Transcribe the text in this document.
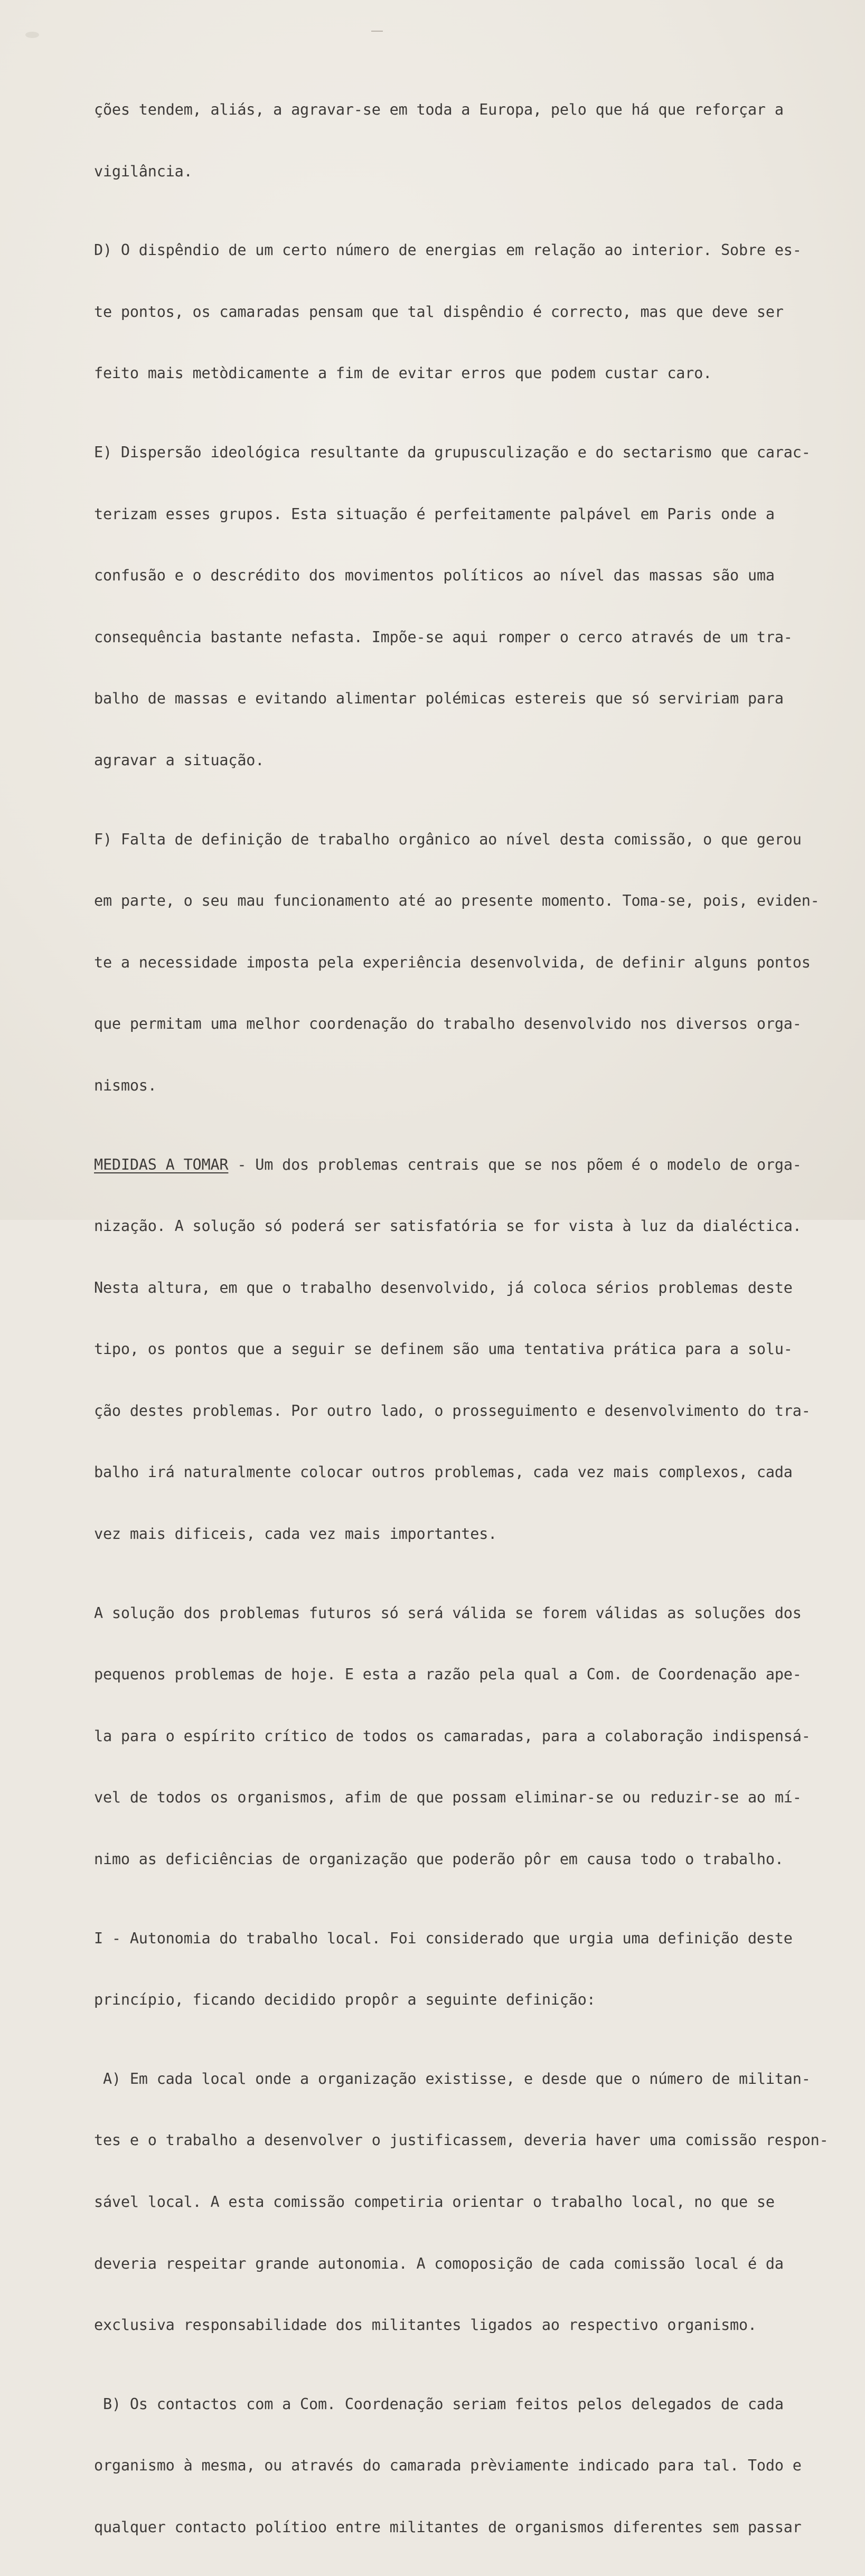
ções tendem, aliás, a agravar-se em toda a Europa, pelo que há que reforçar a

vigilância.

D) O dispêndio de um certo número de energias em relação ao interior. Sobre es-

te pontos, os camaradas pensam que tal dispêndio é correcto, mas que deve ser

feito mais metòdicamente a fim de evitar erros que podem custar caro.

E) Dispersão ideológica resultante da grupusculização e do sectarismo que carac-

terizam esses grupos. Esta situação é perfeitamente palpável em Paris onde a

confusão e o descrédito dos movimentos políticos ao nível das massas são uma

consequência bastante nefasta. Impõe-se aqui romper o cerco através de um tra-

balho de massas e evitando alimentar polémicas estereis que só serviriam para

agravar a situação.

F) Falta de definição de trabalho orgânico ao nível desta comissão, o que gerou

em parte, o seu mau funcionamento até ao presente momento. Toma-se, pois, eviden-

te a necessidade imposta pela experiência desenvolvida, de definir alguns pontos

que permitam uma melhor coordenação do trabalho desenvolvido nos diversos orga-

nismos.

MEDIDAS A TOMAR - Um dos problemas centrais que se nos põem é o modelo de orga-

nização. A solução só poderá ser satisfatória se for vista à luz da dialéctica.

Nesta altura, em que o trabalho desenvolvido, já coloca sérios problemas deste

tipo, os pontos que a seguir se definem são uma tentativa prática para a solu-

ção destes problemas. Por outro lado, o prosseguimento e desenvolvimento do tra-

balho irá naturalmente colocar outros problemas, cada vez mais complexos, cada

vez mais dificeis, cada vez mais importantes.

A solução dos problemas futuros só será válida se forem válidas as soluções dos

pequenos problemas de hoje. E esta a razão pela qual a Com. de Coordenação ape-

la para o espírito crítico de todos os camaradas, para a colaboração indispensá-

vel de todos os organismos, afim de que possam eliminar-se ou reduzir-se ao mí-

nimo as deficiências de organização que poderão pôr em causa todo o trabalho.

I - Autonomia do trabalho local. Foi considerado que urgia uma definição deste

princípio, ficando decidido propôr a seguinte definição:

A) Em cada local onde a organização existisse, e desde que o número de militan-

tes e o trabalho a desenvolver o justificassem, deveria haver uma comissão respon-

sável local. A esta comissão competiria orientar o trabalho local, no que se

deveria respeitar grande autonomia. A comoposição de cada comissão local é da

exclusiva responsabilidade dos militantes ligados ao respectivo organismo.

B) Os contactos com a Com. Coordenação seriam feitos pelos delegados de cada

organismo à mesma, ou através do camarada prèviamente indicado para tal. Todo e

qualquer contacto polítioo entre militantes de organismos diferentes sem passar
